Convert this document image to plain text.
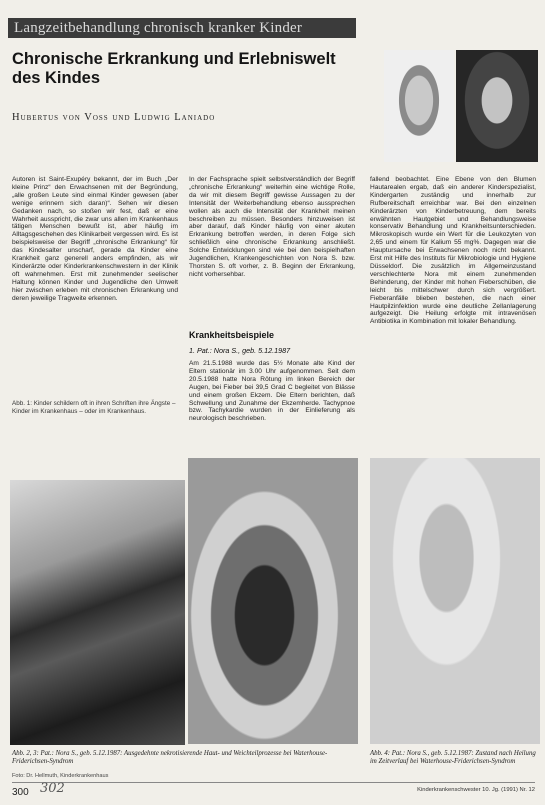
Langzeitbehandlung chronisch kranker Kinder
Chronische Erkrankung und Erlebniswelt des Kindes
Hubertus von Voss und Ludwig Laniado

Autoren ist Saint-Exupéry bekannt, der im Buch „Der kleine Prinz“ den Erwachsenen mit der Begründung, „alle großen Leute sind einmal Kinder gewesen (aber wenige erinnern sich daran)“. Sehen wir diesen Gedanken nach, so stoßen wir fest, daß er eine Wahrheit ausspricht, die zwar uns allen im Krankenhaus tätigen Menschen bewußt ist, aber häufig im Alltagsgeschehen des Klinikarbeit vergessen wird. Es ist beispielsweise der Begriff „chronische Erkrankung“ für das Kindesalter unscharf, gerade da Kinder eine Krankheit ganz generell anders empfinden, als wir Kinderärzte oder Kinderkrankenschwestern in der Klinik oft wahrnehmen. Erst mit zunehmender seelischer Haltung können Kinder und Jugendliche den Umwelt hier zwischen erleben mit chronischen Erkrankung und deren jeweilige Tragweite erkennen.

Abb. 1: Kinder schildern oft in ihren Schriften ihre Ängste – Kinder im Krankenhaus – oder im Krankenhaus.

In der Fachsprache spielt selbstverständlich der Begriff „chronische Erkrankung“ weiterhin eine wichtige Rolle, da wir mit diesem Begriff gewisse Aussagen zu der Intensität der Weiterbehandlung ebenso aussprechen wollen als auch die Intensität der Krankheit meinen beschreiben zu müssen. Besonders hinzuweisen ist aber darauf, daß Kinder häufig von einer akuten Erkrankung betroffen werden, in deren Folge sich schließlich eine chronische Erkrankung anschließt. Solche Entwicklungen sind wie bei den beispielhaften Jugendlichen, Krankengeschichten von Nora S. bzw. Thorsten S. oft vorher, z. B. Beginn der Erkrankung, nicht vorhersehbar.

Krankheitsbeispiele
1. Pat.: Nora S., geb. 5.12.1987
Am 21.5.1988 wurde das 5½ Monate alte Kind der Eltern stationär im 3.00 Uhr aufgenommen. Seit dem 20.5.1988 hatte Nora Rötung im linken Bereich der Augen, bei Fieber bei 39,5 Grad C begleitet von Blässe und einem großen Ekzem. Die Eltern berichten, daß Schwellung und Zunahme der Ekzemherde. Tachypnoe bzw. Tachykardie wurden in der Einlieferung als neurologisch beschrieben.

fallend beobachtet. Eine Ebene von den Blumen Hautarealen ergab, daß ein anderer Kinderspezialist, Kindergarten zuständig und innerhalb zur Rufbereitschaft erreichbar war. Bei den einzelnen Kinderärzten von Kinderbetreuung, dem bereits erwähnten Hautgebiet und Behandlungsweise konservativ Behandlung und Krankheitsunterschieden. Mikroskopisch wurde ein Wert für die Leukozyten von 2,65 und einem für Kalium 55 mg%. Dagegen war die Hauptursache bei Erwachsenen noch nicht bekannt. Erst mit Hilfe des Instituts für Mikrobiologie und Hygiene Düsseldorf. Die zusätzlich im Allgemeinzustand verschlechterte Nora mit einem zunehmenden Behinderung, der Kinder mit hohen Fieberschüben, die leicht bis mittelschwer durch sich vergrößert. Fieberanfälle blieben bestehen, die nach einer Hautpilzinfektion wurde eine deutliche Zellanlagerung aufgezeigt. Die Heilung erfolgte mit intravenösen Antibiotika in Kombination mit lokaler Behandlung.

Abb. 2, 3: Pat.: Nora S., geb. 5.12.1987: Ausgedehnte nekrotisierende Haut- und Weichteilprozesse bei Waterhouse-Friderichsen-Syndrom
Abb. 4: Pat.: Nora S., geb. 5.12.1987: Zustand nach Heilung im Zeitverlauf bei Waterhouse-Friderichsen-Syndrom
Foto: Dr. Hellmuth, Kinderkrankenhaus
300 302	Kinderkrankenschwester 10. Jg. (1991) Nr. 12
